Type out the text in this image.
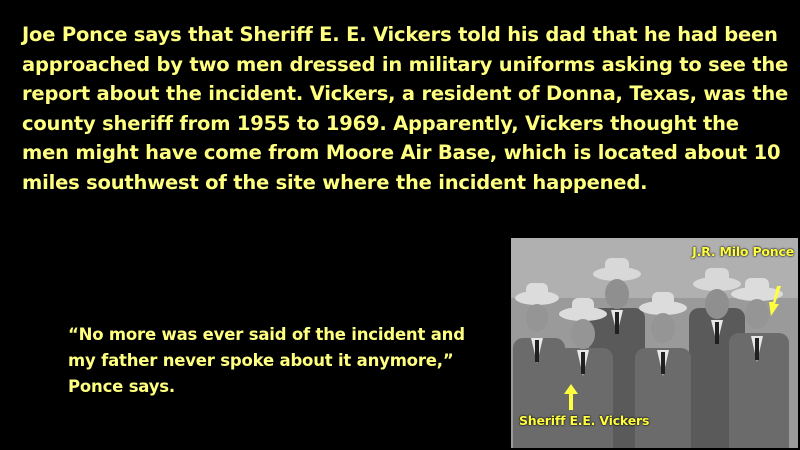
Joe Ponce says that Sheriff E. E. Vickers told his dad that he had been approached by two men dressed in military uniforms asking to see the report about the incident. Vickers, a resident of Donna, Texas, was the county sheriff from 1955 to 1969. Apparently, Vickers thought the men might have come from Moore Air Base, which is located about 10 miles southwest of the site where the incident happened.

“No more was ever said of the incident and my father never spoke about it anymore,” Ponce says.

J.R. Milo Ponce
Sheriff E.E. Vickers
